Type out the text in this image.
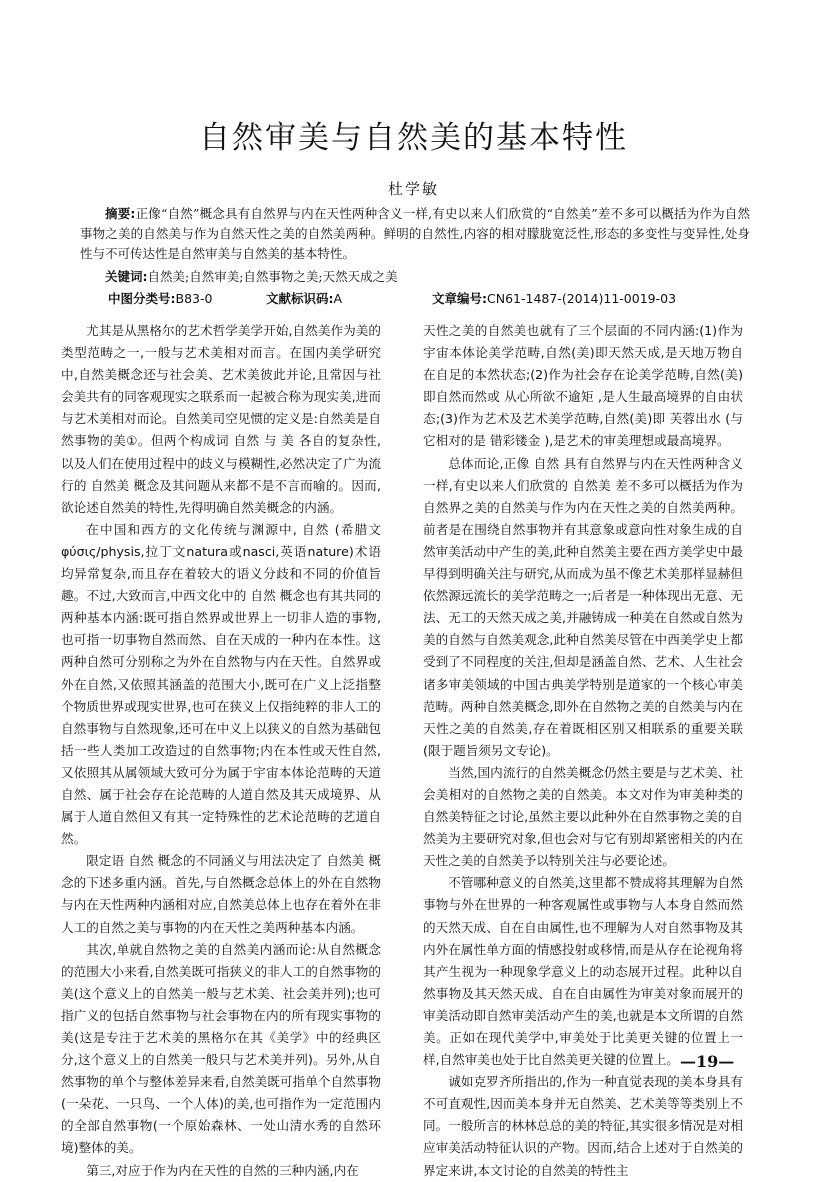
自然审美与自然美的基本特性
杜学敏
摘要:正像“自然”概念具有自然界与内在天性两种含义一样,有史以来人们欣赏的“自然美”差不多可以概括为作为自然事物之美的自然美与作为自然天性之美的自然美两种。鲜明的自然性,内容的相对朦胧宽泛性,形态的多变性与变异性,处身性与不可传达性是自然审美与自然美的基本特性。
关键词:自然美;自然审美;自然事物之美;天然天成之美
中图分类号:B83-0	文献标识码:A	文章编号:CN61-1487-(2014)11-0019-03

尤其是从黑格尔的艺术哲学美学开始,自然美作为美的类型范畴之一,一般与艺术美相对而言。在国内美学研究中,自然美概念还与社会美、艺术美彼此并论,且常因与社会美共有的同客观现实之联系而一起被合称为现实美,进而与艺术美相对而论。自然美司空见惯的定义是:自然美是自然事物的美①。但两个构成词 自然 与 美 各自的复杂性,以及人们在使用过程中的歧义与模糊性,必然决定了广为流行的 自然美 概念及其问题从来都不是不言而喻的。因而,欲论述自然美的特性,先得明确自然美概念的内涵。

在中国和西方的文化传统与渊源中, 自然 (希腊文φύσις/physis,拉丁文natura或nasci,英语nature)术语均异常复杂,而且存在着较大的语义分歧和不同的价值旨趣。不过,大致而言,中西文化中的 自然 概念也有其共同的两种基本内涵:既可指自然界或世界上一切非人造的事物,也可指一切事物自然而然、自在天成的一种内在本性。这两种自然可分别称之为外在自然物与内在天性。自然界或外在自然,又依照其涵盖的范围大小,既可在广义上泛指整个物质世界或现实世界,也可在狭义上仅指纯粹的非人工的自然事物与自然现象,还可在中义上以狭义的自然为基础包括一些人类加工改造过的自然事物;内在本性或天性自然,又依照其从属领域大致可分为属于宇宙本体论范畴的天道自然、属于社会存在论范畴的人道自然及其天成境界、从属于人道自然但又有其一定特殊性的艺术论范畴的艺道自然。

限定语 自然 概念的不同涵义与用法决定了 自然美 概念的下述多重内涵。首先,与自然概念总体上的外在自然物与内在天性两种内涵相对应,自然美总体上也存在着外在非人工的自然之美与事物的内在天性之美两种基本内涵。

其次,单就自然物之美的自然美内涵而论:从自然概念的范围大小来看,自然美既可指狭义的非人工的自然事物的美(这个意义上的自然美一般与艺术美、社会美并列);也可指广义的包括自然事物与社会事物在内的所有现实事物的美(这是专注于艺术美的黑格尔在其《美学》中的经典区分,这个意义上的自然美一般只与艺术美并列)。另外,从自然事物的单个与整体差异来看,自然美既可指单个自然事物(一朵花、一只鸟、一个人体)的美,也可指作为一定范围内的全部自然事物(一个原始森林、一处山清水秀的自然环境)整体的美。

第三,对应于作为内在天性的自然的三种内涵,内在

天性之美的自然美也就有了三个层面的不同内涵:(1)作为宇宙本体论美学范畴,自然(美)即天然天成,是天地万物自在自足的本然状态;(2)作为社会存在论美学范畴,自然(美)即自然而然或 从心所欲不逾矩 ,是人生最高境界的自由状态;(3)作为艺术及艺术美学范畴,自然(美)即 芙蓉出水 (与它相对的是 错彩镂金 ),是艺术的审美理想或最高境界。

总体而论,正像 自然 具有自然界与内在天性两种含义一样,有史以来人们欣赏的 自然美 差不多可以概括为作为自然界之美的自然美与作为内在天性之美的自然美两种。前者是在围绕自然事物并有其意象或意向性对象生成的自然审美活动中产生的美,此种自然美主要在西方美学史中最早得到明确关注与研究,从而成为虽不像艺术美那样显赫但依然源远流长的美学范畴之一;后者是一种体现出无意、无法、无工的天然天成之美,并融铸成一种美在自然或自然为美的自然与自然美观念,此种自然美尽管在中西美学史上都受到了不同程度的关注,但却是涵盖自然、艺术、人生社会诸多审美领域的中国古典美学特别是道家的一个核心审美范畴。两种自然美概念,即外在自然物之美的自然美与内在天性之美的自然美,存在着既相区别又相联系的重要关联(限于题旨须另文专论)。

当然,国内流行的自然美概念仍然主要是与艺术美、社会美相对的自然物之美的自然美。本文对作为审美种类的自然美特征之讨论,虽然主要以此种外在自然事物之美的自然美为主要研究对象,但也会对与它有别却紧密相关的内在天性之美的自然美予以特别关注与必要论述。

不管哪种意义的自然美,这里都不赞成将其理解为自然事物与外在世界的一种客观属性或事物与人本身自然而然的天然天成、自在自由属性,也不理解为人对自然事物及其内外在属性单方面的情感投射或移情,而是从存在论视角将其产生视为一种现象学意义上的动态展开过程。此种以自然事物及其天然天成、自在自由属性为审美对象而展开的审美活动即自然审美活动产生的美,也就是本文所谓的自然美。正如在现代美学中,审美处于比美更关键的位置上一样,自然审美也处于比自然美更关键的位置上。

诚如克罗齐所指出的,作为一种直觉表现的美本身具有不可直观性,因而美本身并无自然美、艺术美等等类别上不同。一般所言的林林总总的美的特征,其实很多情况是对相应审美活动特征认识的产物。因而,结合上述对于自然美的界定来讲,本文讨论的自然美的特性主

—19—
